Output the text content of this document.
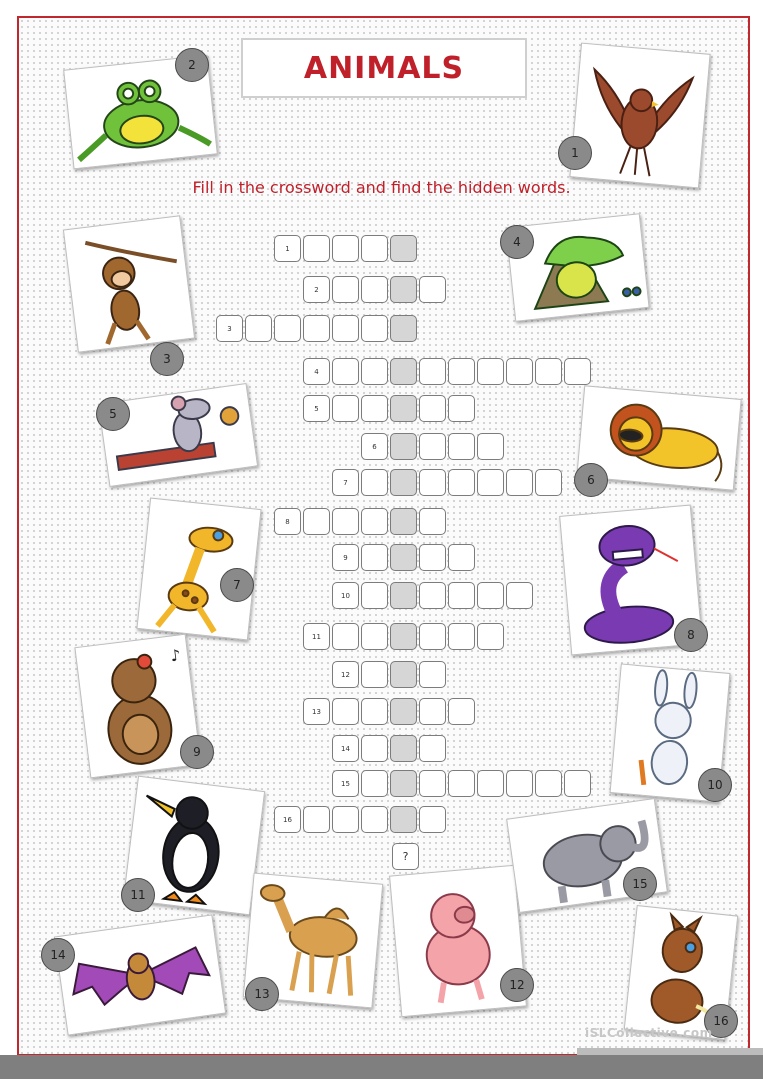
ANIMALS
Fill in the crossword and find the hidden words.
1
2
3
4
5
6
7
8
9
10
11
12
13
14
15
16
?
♪
1
2
3
4
5
6
7
8
9
10
11
12
13
14
15
16
iSLCollective.com
